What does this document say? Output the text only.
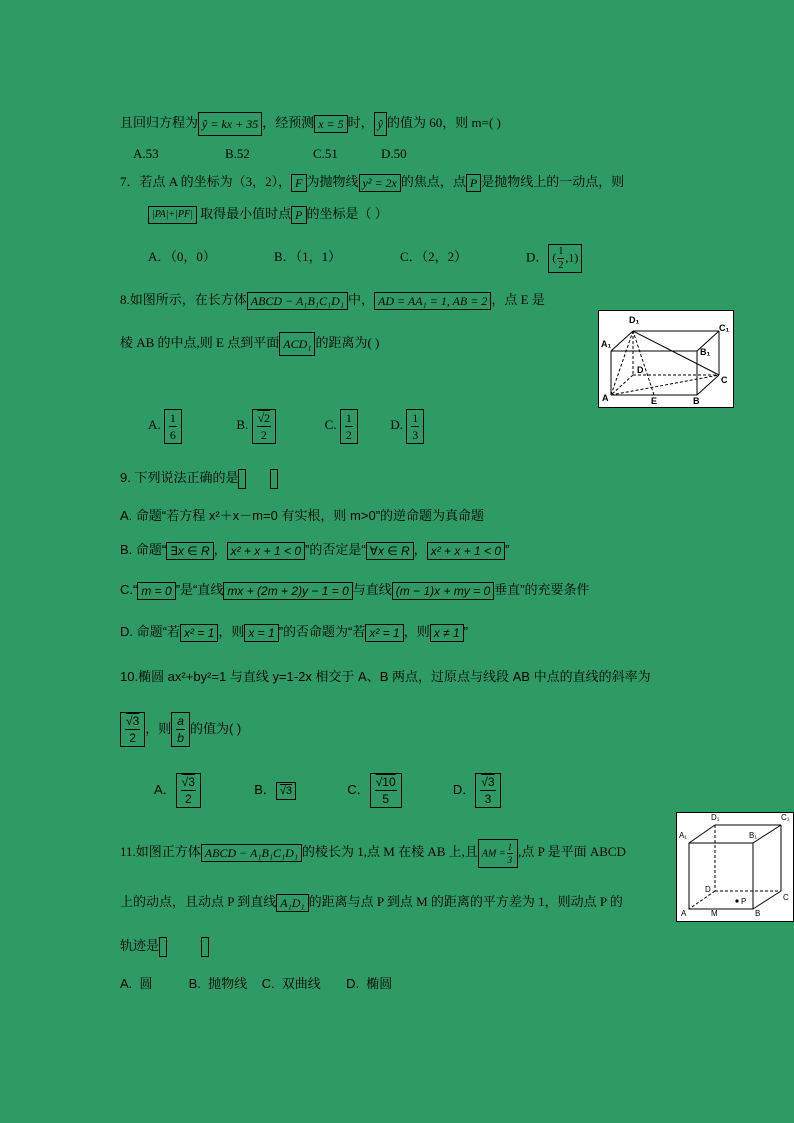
且回归方程为 ŷ = kx + 35 ，经预测 x = 5 时， ŷ 的值为 60，则 m=( )
A.53	B.52	C.51	D.50
7．若点 A 的坐标为（3，2）， F 为抛物线 y² = 2x 的焦点，点 P 是抛物线上的一动点，则
|PA|+|PF| 取得最小值时点 P 的坐标是（ ）
A．（0，0）	B．（1，1）	C．（2，2）	D． ( $\frac{1}{2} ,1$)
8.如图所示，在长方体 ABCD − A₁B₁C₁D₁ 中， AD = AA₁ = 1, AB = 2 ，点 E 是
棱 AB 的中点,则 E 点到平面 ACD₁ 的距离为( )
A. $\frac{1}{6}$	B. √ $\frac{2}{2}$	C. $\frac{1}{2}$	D. $\frac{1}{3}$
D₁
C₁
A₁
B₁
D
C
A	E	B
9. 下列说法正确的是
A. 命题“若方程 x²＋x－m=0 有实根，则 m>0”的逆命题为真命题
B. 命题“ ∃x ∈ R ， x² + x + 1 < 0 ”的否定是“ ∀x ∈ R ， x² + x + 1 < 0 ”
C.“ m = 0 ”是“直线 mx + (2m + 2)y − 1 = 0 与直线 (m − 1)x + my = 0 垂直”的充要条件
D. 命题“若 x² = 1 ，则 x = 1 ”的否命题为“若 x² = 1 ，则 x ≠ 1 ”
10.椭圆 ax²+by²=1 与直线 y=1-2x 相交于 A、B 两点，过原点与线段 AB 中点的直线的斜率为
√ $\frac{3}{2}$ ，则 $\frac{a}{b}$ 的值为( )
A． √ $\frac{3}{2}$	B． √ 3	C． √ $\frac{10}{5}$	D． √ $\frac{3}{3}$
11.如图正方体 ABCD − A₁B₁C₁D₁ 的棱长为 1,点 M 在棱 AB 上,且 AM = $\frac{1}{3}$ ,点 P 是平面 ABCD
上的动点，且动点 P 到直线 A₁D₁ 的距离与点 P 到点 M 的距离的平方差为 1，则动点 P 的
轨迹是
A.  圆          B.  抛物线    C.  双曲线       D.  椭圆
D₁	C₁
A₁	B₁
D
C
A	M	B
P
